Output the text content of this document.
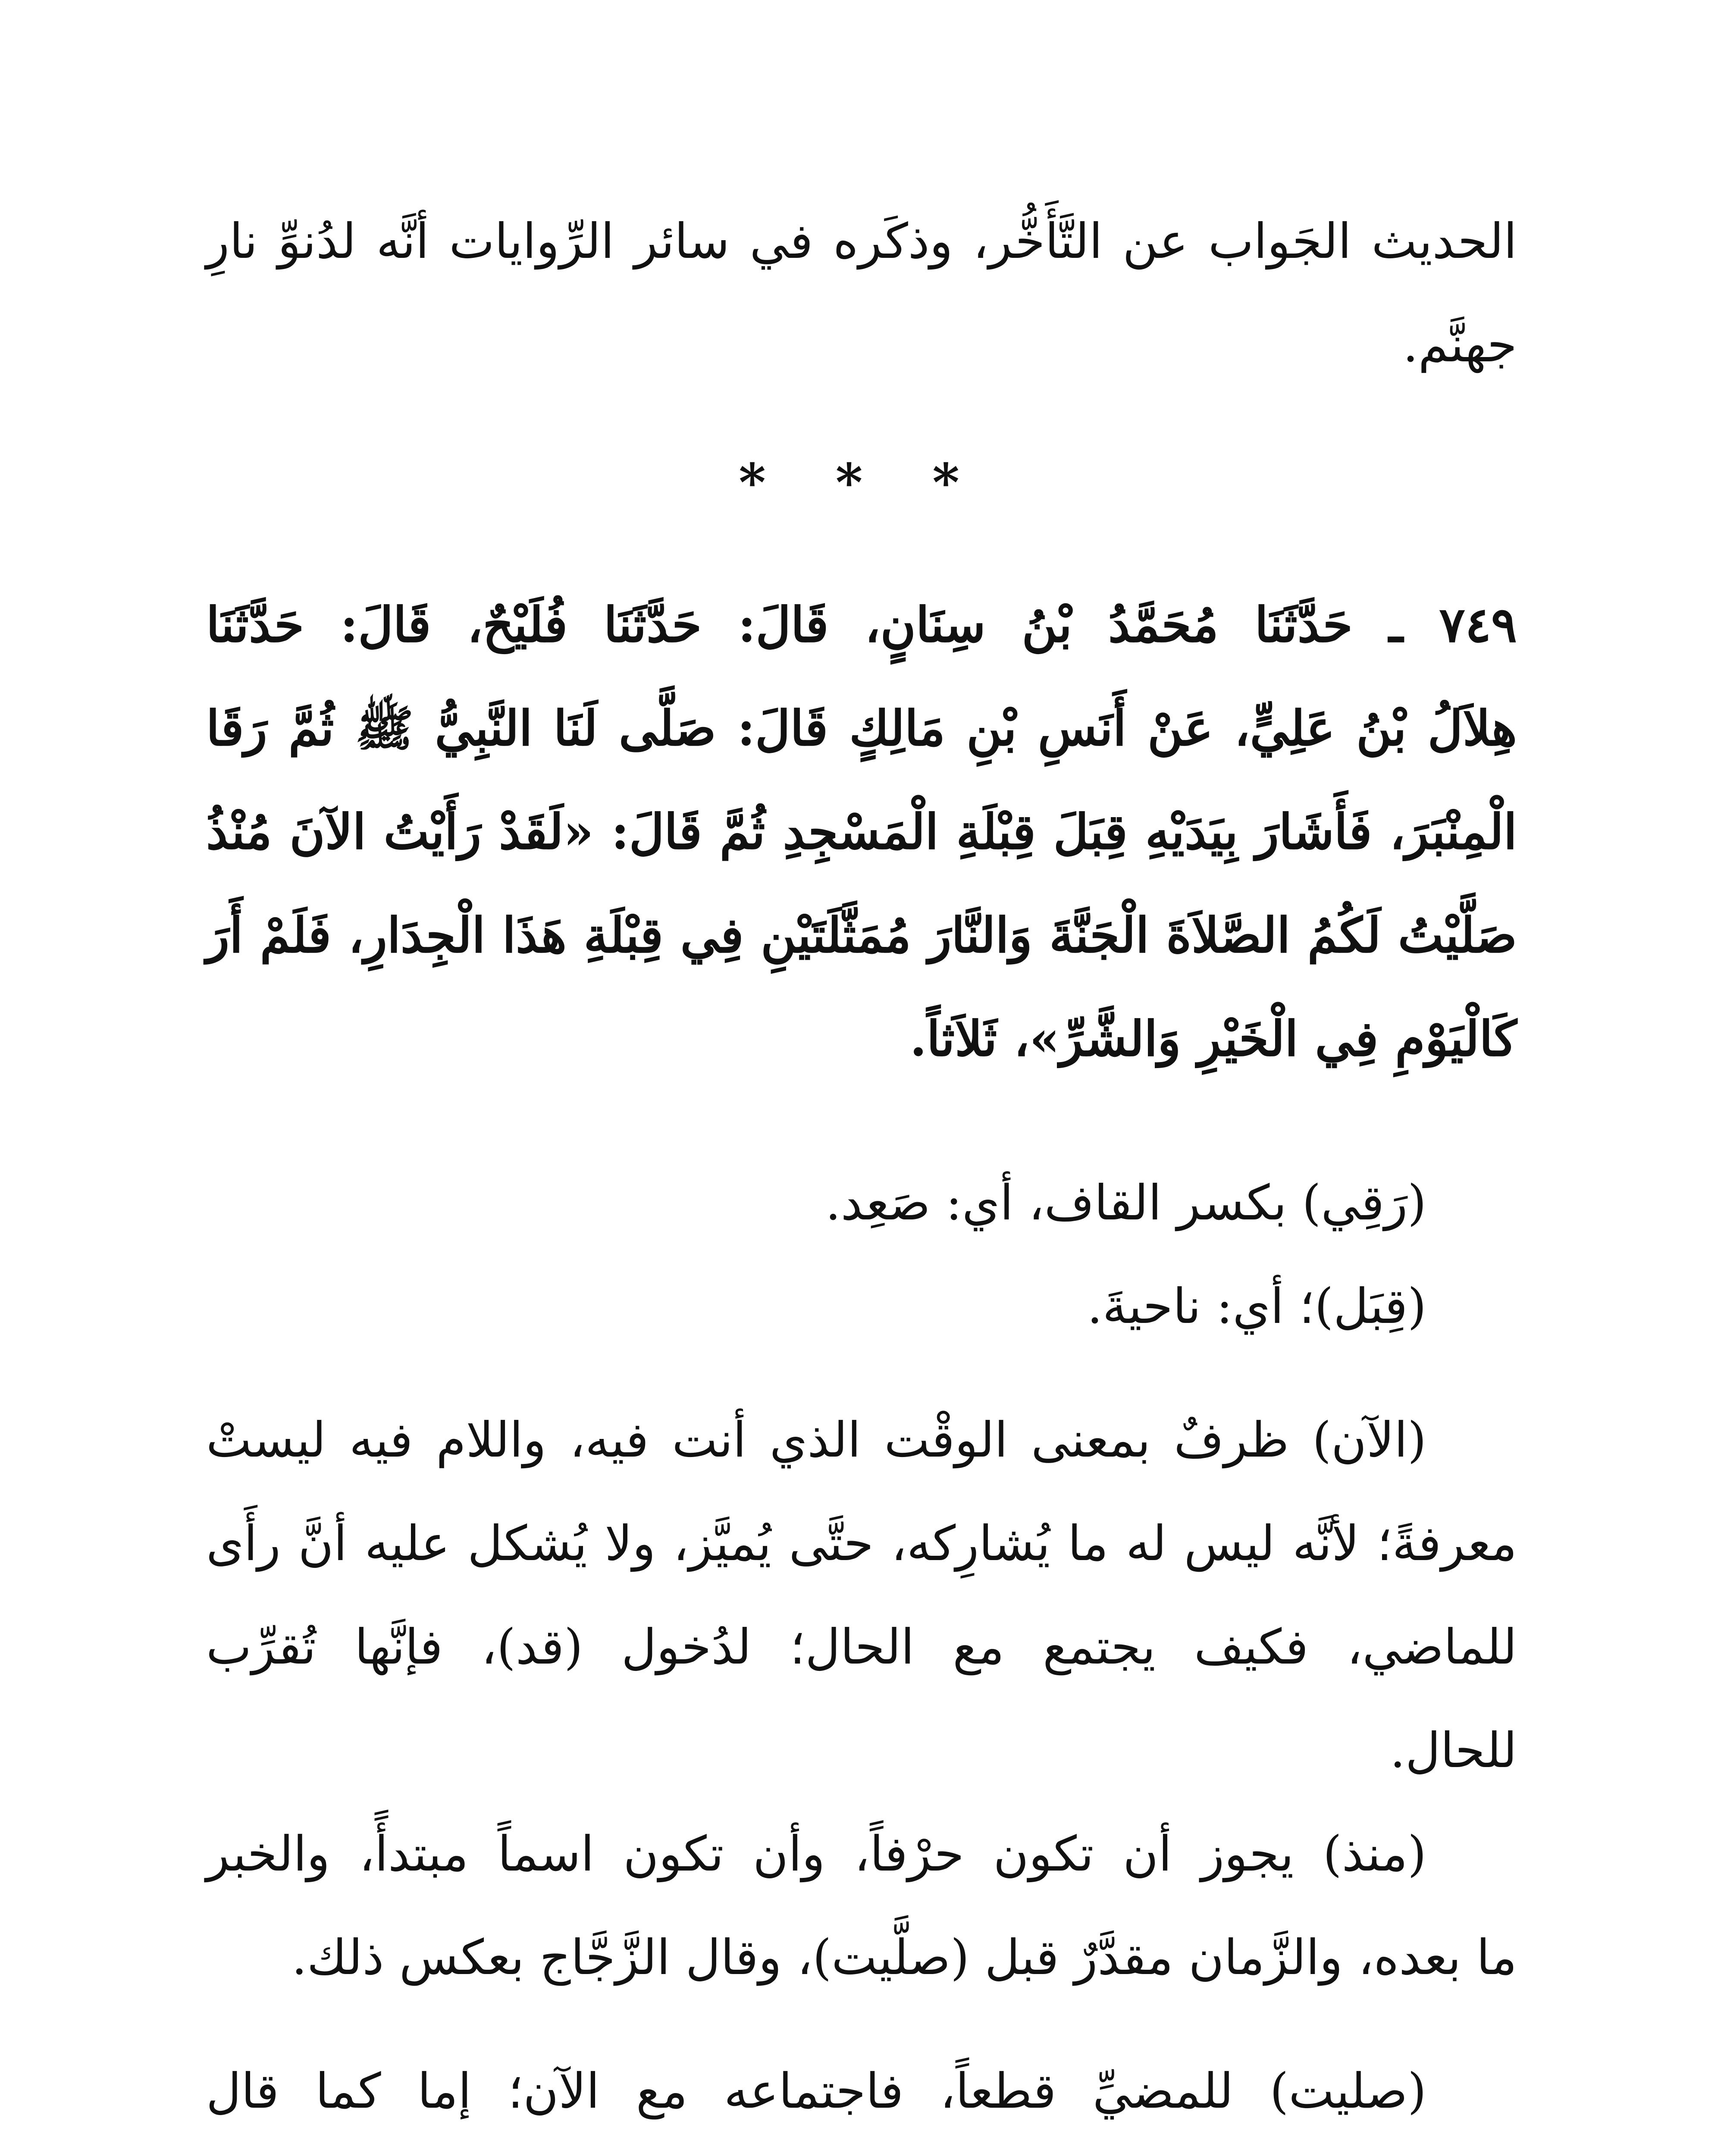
الحديث الجَواب عن التَّأَخُّر، وذكَره في سائر الرِّوايات أنَّه لدُنوِّ نارِ
جهنَّم.
* * *
٧٤٩ ـ حَدَّثَنَا مُحَمَّدُ بْنُ سِنَانٍ، قَالَ: حَدَّثَنَا فُلَيْحٌ، قَالَ: حَدَّثَنَا
هِلاَلُ بْنُ عَلِيٍّ، عَنْ أَنَسِ بْنِ مَالِكٍ قَالَ: صَلَّى لَنَا النَّبِيُّ ﷺ ثُمَّ رَقَا
الْمِنْبَرَ، فَأَشَارَ بِيَدَيْهِ قِبَلَ قِبْلَةِ الْمَسْجِدِ ثُمَّ قَالَ: «لَقَدْ رَأَيْتُ الآنَ مُنْذُ
صَلَّيْتُ لَكُمُ الصَّلاَةَ الْجَنَّةَ وَالنَّارَ مُمَثَّلَتَيْنِ فِي قِبْلَةِ هَذَا الْجِدَارِ، فَلَمْ أَرَ
كَالْيَوْمِ فِي الْخَيْرِ وَالشَّرِّ»، ثَلاَثاً.
(رَقِي) بكسر القاف، أي: صَعِد.
(قِبَل)؛ أي: ناحيةَ.
(الآن) ظرفٌ بمعنى الوقْت الذي أنت فيه، واللام فيه ليستْ
معرفةً؛ لأنَّه ليس له ما يُشارِكه، حتَّى يُميَّز، ولا يُشكل عليه أنَّ رأَى
للماضي، فكيف يجتمع مع الحال؛ لدُخول (قد)، فإنَّها تُقرِّب
للحال.
(منذ) يجوز أن تكون حرْفاً، وأن تكون اسماً مبتدأً، والخبر
ما بعده، والزَّمان مقدَّرٌ قبل (صلَّيت)، وقال الزَّجَّاج بعكس ذلك.
(صليت) للمضيِّ قطعاً، فاجتماعه مع الآن؛ إما كما قال
